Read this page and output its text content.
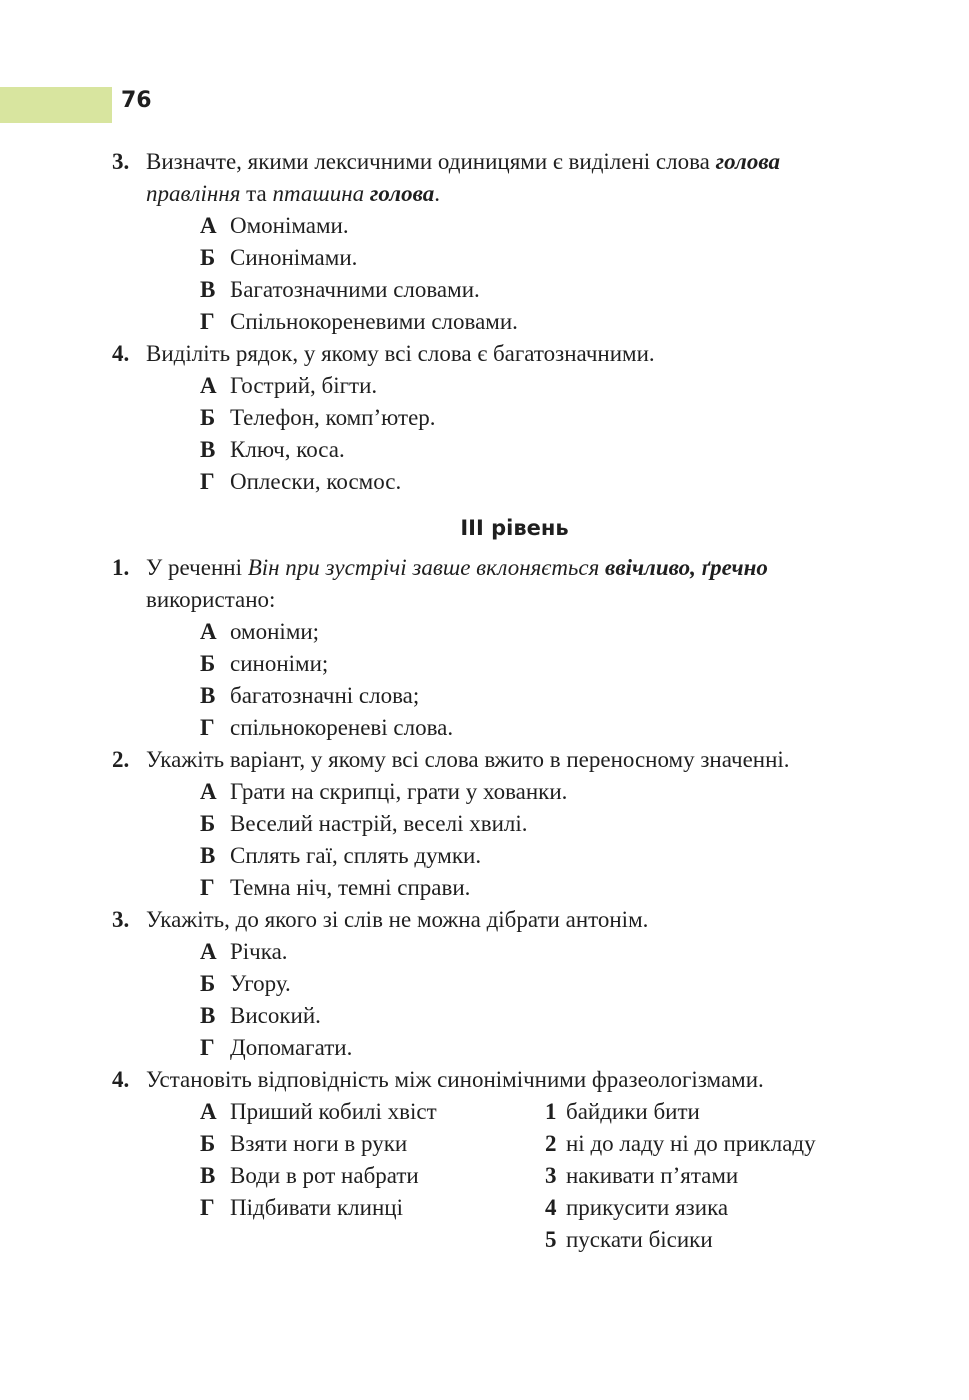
76
3. Визначте, якими лексичними одиницями є виділені слова голова
правління та пташина голова.
А Омонімами.
Б Синонімами.
В Багатозначними словами.
Г Спільнокореневими словами.
4. Виділіть рядок, у якому всі слова є багатозначними.
А Гострий, бігти.
Б Телефон, комп’ютер.
В Ключ, коса.
Г Оплески, космос.
ІІІ рівень
1. У реченні Він при зустрічі завше вклоняється ввічливо, ґречно
використано:
А омоніми;
Б синоніми;
В багатозначні слова;
Г спільнокореневі слова.
2. Укажіть варіант, у якому всі слова вжито в переносному значенні.
А Грати на скрипці, грати у хованки.
Б Веселий настрій, веселі хвилі.
В Сплять гаї, сплять думки.
Г Темна ніч, темні справи.
3. Укажіть, до якого зі слів не можна дібрати антонім.
А Річка.
Б Угору.
В Високий.
Г Допомагати.
4. Установіть відповідність між синонімічними фразеологізмами.
А Приший кобилі хвіст	1 байдики бити
Б Взяти ноги в руки	2 ні до ладу ні до прикладу
В Води в рот набрати	3 накивати п’ятами
Г Підбивати клинці	4 прикусити язика
5 пускати бісики
